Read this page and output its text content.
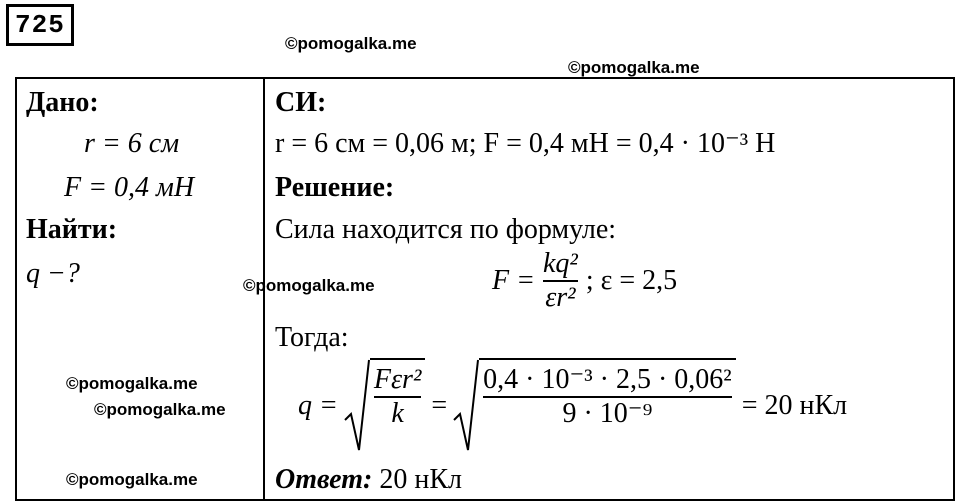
725
©pomogalka.me
©pomogalka.me
Дано:
r = 6 см
F = 0,4 мН
Найти:
q −?	©pomogalka.me
©pomogalka.me
©pomogalka.me
©pomogalka.me
СИ:
r = 6 см = 0,06 м; F = 0,4 мН = 0,4 · 10⁻³ Н
Решение:
Сила находится по формуле:
$F = \frac{\text{kq²}}{\text{εr²}}$ ; ε = 2,5
Тогда:
$q = \frac{\text{Fεr²}}{k} = \frac{\text{0,4 · 10⁻³ · 2,5 · 0,06²}}{\text{9 · 10⁻⁹}} = 20$ нКл
Ответ: 20 нКл
